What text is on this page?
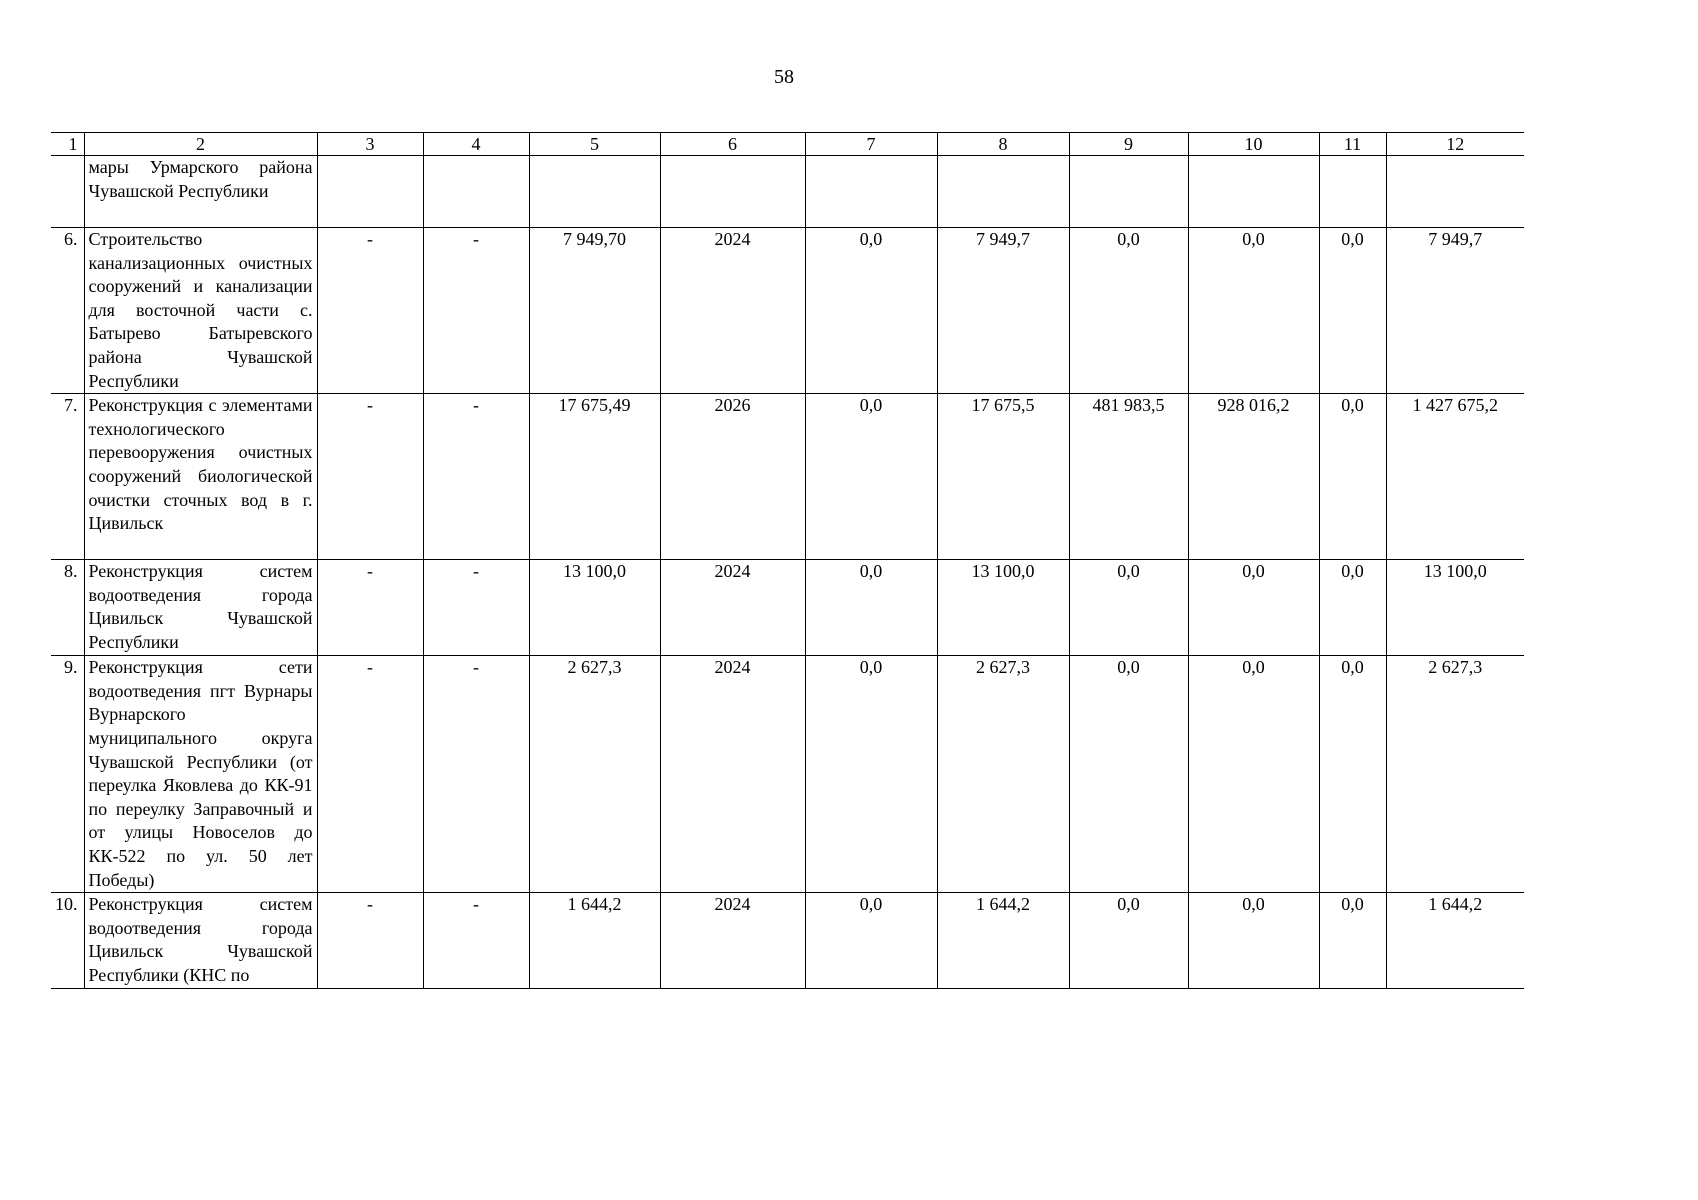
58
1	2	3	4	5	6	7	8	9	10	11	12
	мары Урмарского района Чувашской Республики										
6.	Строительство канализационных очистных сооружений и канализации для восточной части с. Батырево Батыревского района Чувашской Республики	-	-	7 949,70	2024	0,0	7 949,7	0,0	0,0	0,0	7 949,7
7.	Реконструкция с элементами технологического перевооружения очистных сооружений биологической очистки сточных вод в г. Цивильск	-	-	17 675,49	2026	0,0	17 675,5	481 983,5	928 016,2	0,0	1 427 675,2
8.	Реконструкция систем водоотведения города Цивильск Чувашской Республики	-	-	13 100,0	2024	0,0	13 100,0	0,0	0,0	0,0	13 100,0
9.	Реконструкция сети водоотведения пгт Вурнары Вурнарского муниципального округа Чувашской Республики (от переулка Яковлева до КК-91 по переулку Заправочный и от улицы Новоселов до КК-522 по ул. 50 лет Победы)	-	-	2 627,3	2024	0,0	2 627,3	0,0	0,0	0,0	2 627,3
10.	Реконструкция систем водоотведения города Цивильск Чувашской Республики (КНС по	-	-	1 644,2	2024	0,0	1 644,2	0,0	0,0	0,0	1 644,2
